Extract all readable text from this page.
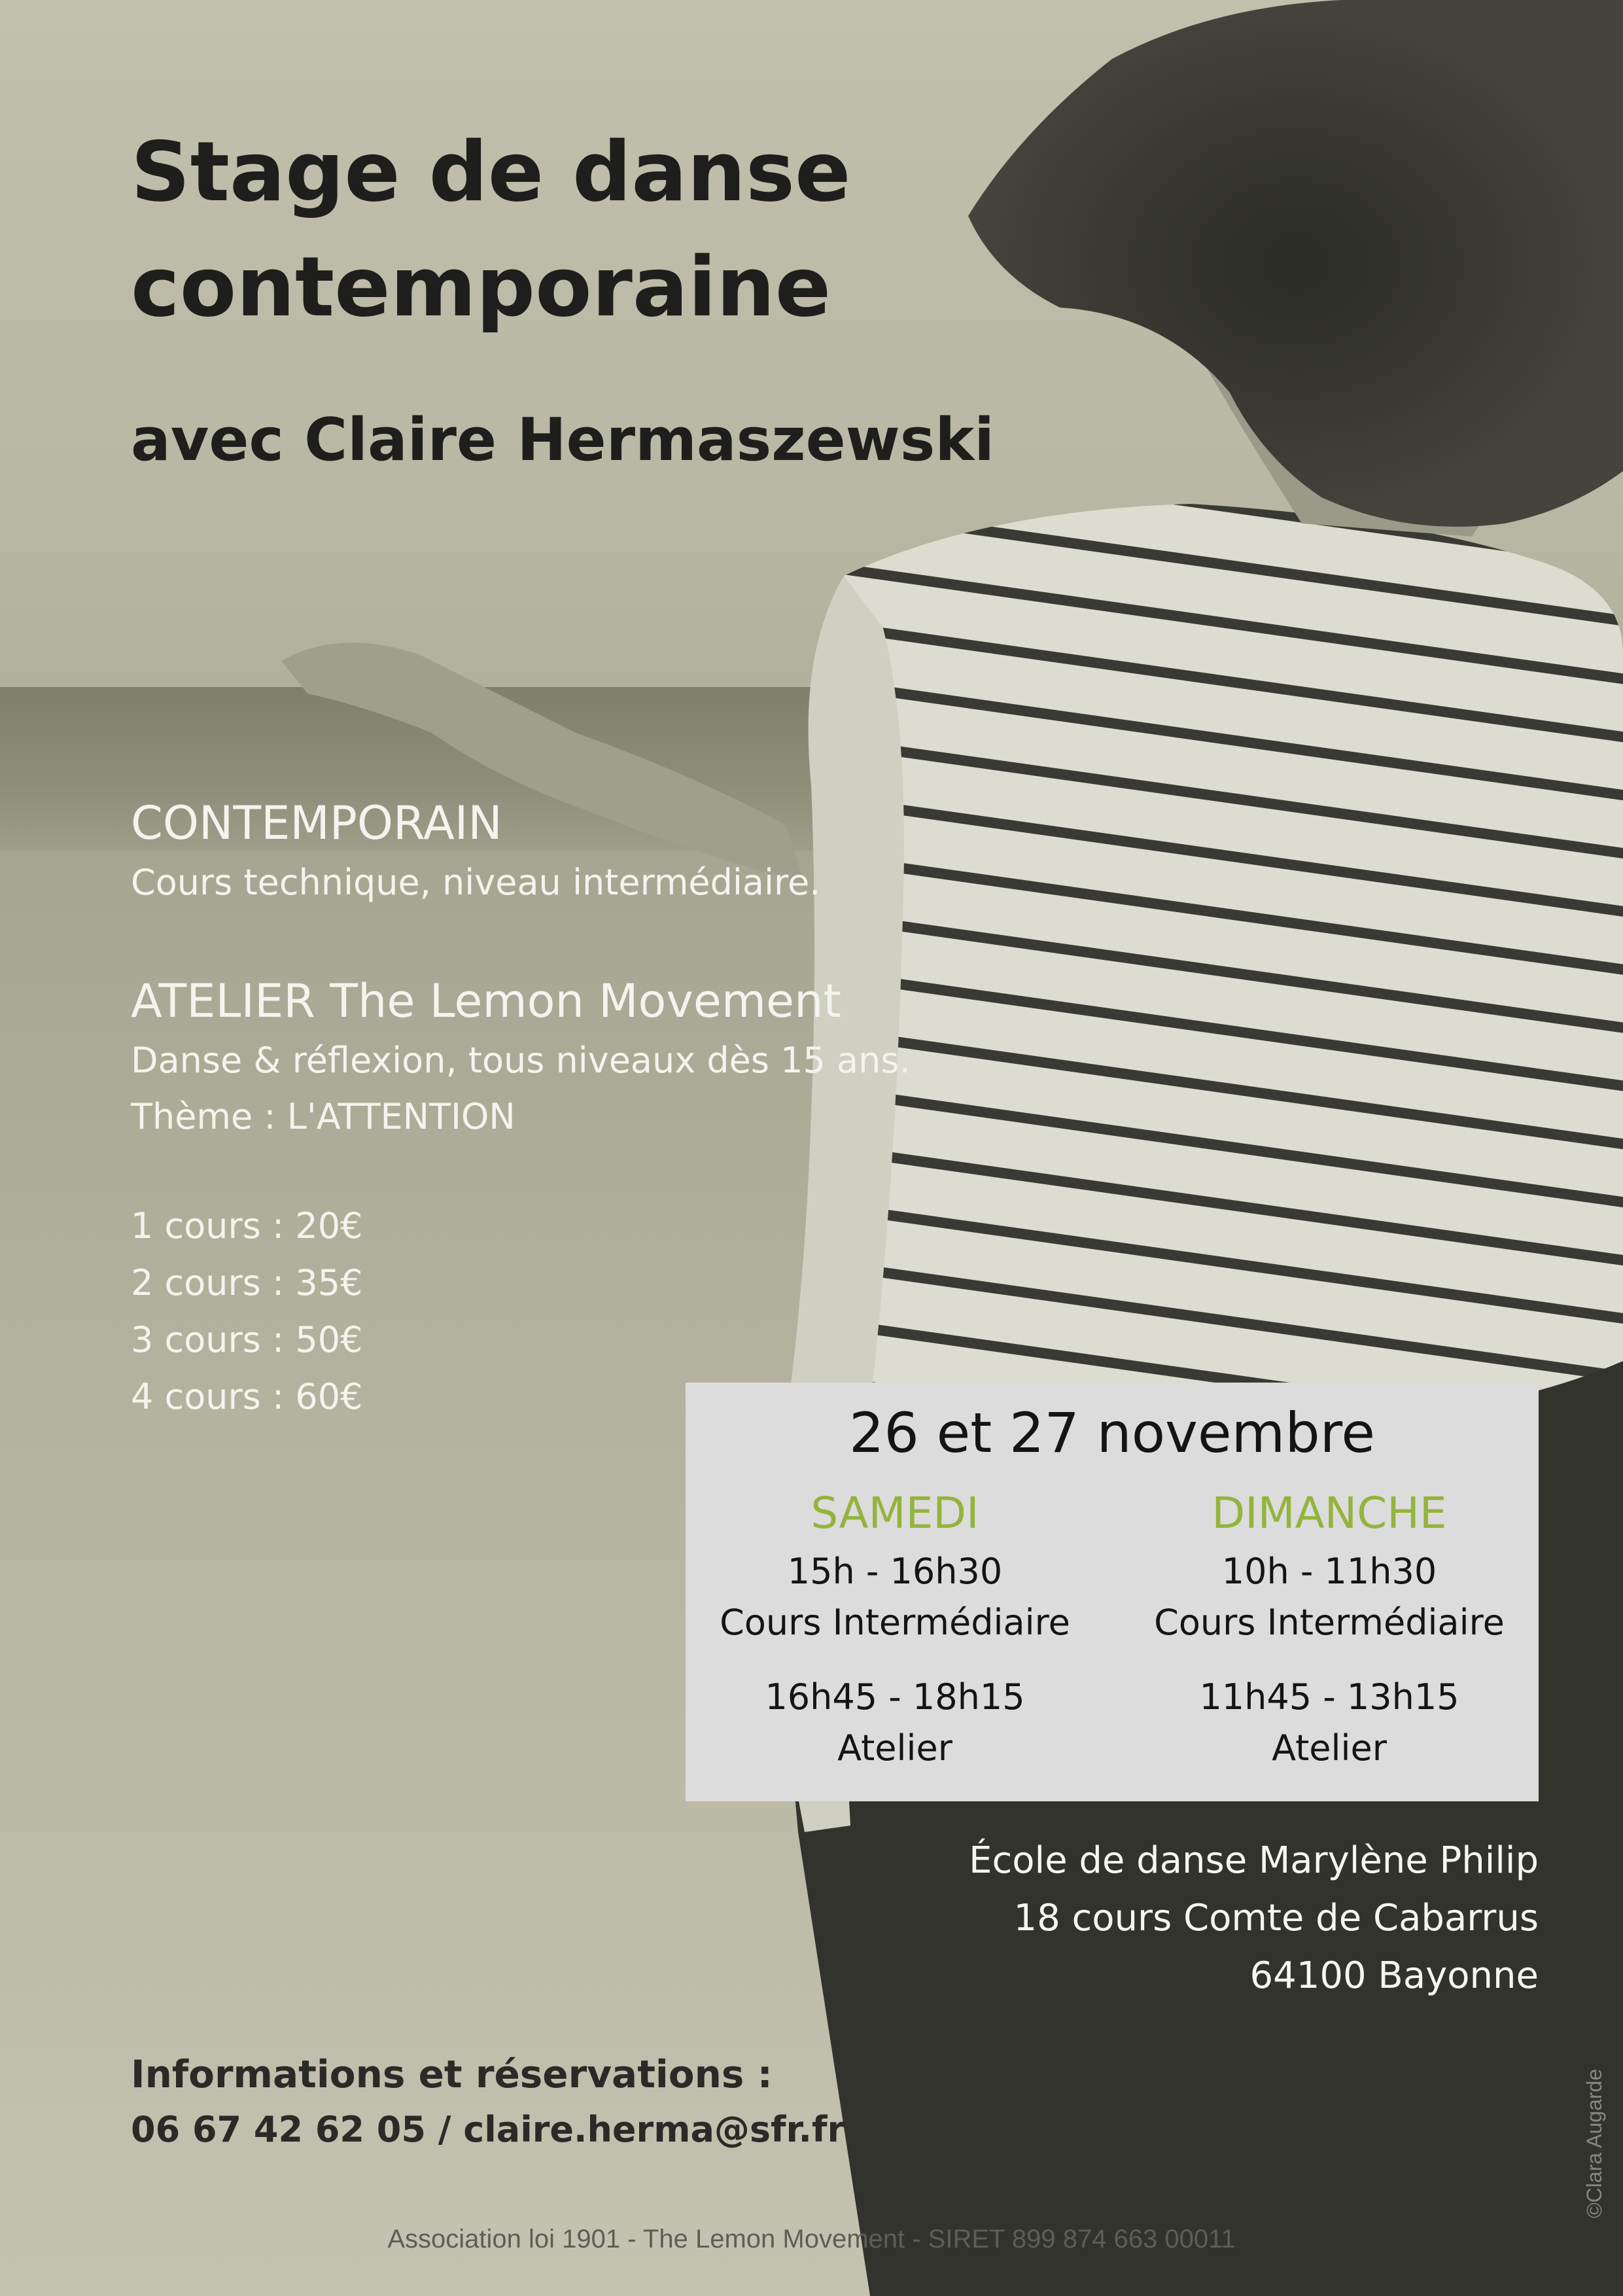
Stage de danse
contemporaine
avec Claire Hermaszewski
CONTEMPORAIN
Cours technique, niveau intermédiaire.
ATELIER The Lemon Movement
Danse & réflexion, tous niveaux dès 15 ans.
Thème : L'ATTENTION
1 cours : 20€
2 cours : 35€
3 cours : 50€
4 cours : 60€
26 et 27 novembre
SAMEDI
15h - 16h30
Cours Intermédiaire
16h45 - 18h15
Atelier
DIMANCHE
10h - 11h30
Cours Intermédiaire
11h45 - 13h15
Atelier
École de danse Marylène Philip
18 cours Comte de Cabarrus
64100 Bayonne
Informations et réservations :
06 67 42 62 05 / claire.herma@sfr.fr
Association loi 1901 - The Lemon Movement - SIRET 899 874 663 00011
©Clara Augarde
